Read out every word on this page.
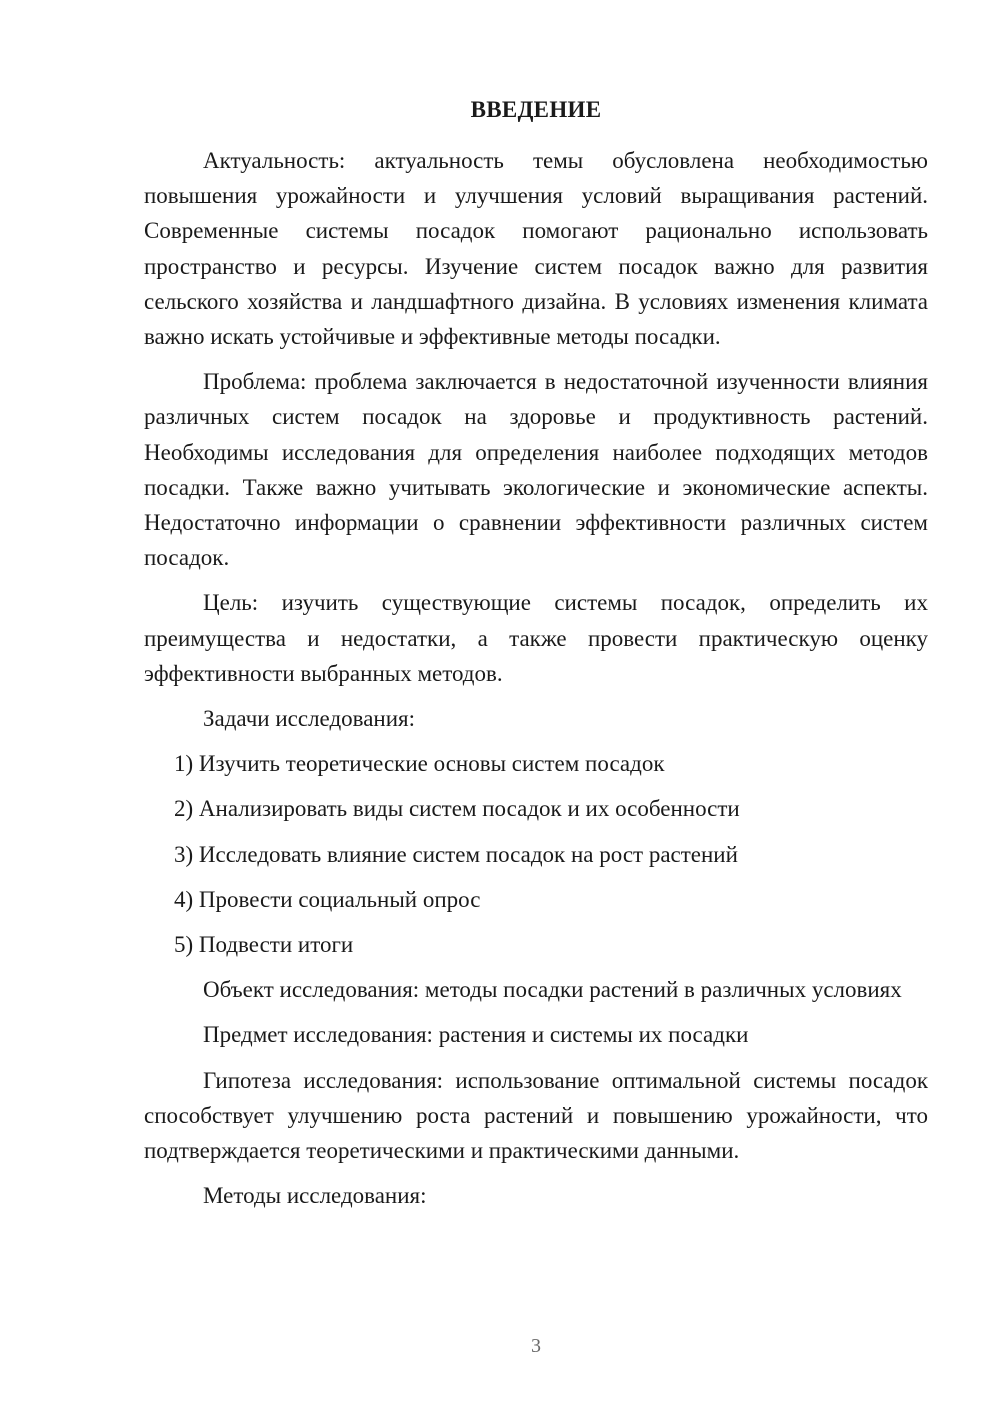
ВВЕДЕНИЕ

Актуальность: актуальность темы обусловлена необходимостью повышения урожайности и улучшения условий выращивания растений. Современные системы посадок помогают рационально использовать пространство и ресурсы. Изучение систем посадок важно для развития сельского хозяйства и ландшафтного дизайна. В условиях изменения климата важно искать устойчивые и эффективные методы посадки.

Проблема: проблема заключается в недостаточной изученности влияния различных систем посадок на здоровье и продуктивность растений. Необходимы исследования для определения наиболее подходящих методов посадки. Также важно учитывать экологические и экономические аспекты. Недостаточно информации о сравнении эффективности различных систем посадок.

Цель: изучить существующие системы посадок, определить их преимущества и недостатки, а также провести практическую оценку эффективности выбранных методов.

Задачи исследования:

1) Изучить теоретические основы систем посадок

2) Анализировать виды систем посадок и их особенности

3) Исследовать влияние систем посадок на рост растений

4) Провести социальный опрос

5) Подвести итоги

Объект исследования: методы посадки растений в различных условиях

Предмет исследования: растения и системы их посадки

Гипотеза исследования: использование оптимальной системы посадок способствует улучшению роста растений и повышению урожайности, что подтверждается теоретическими и практическими данными.

Методы исследования:

3
